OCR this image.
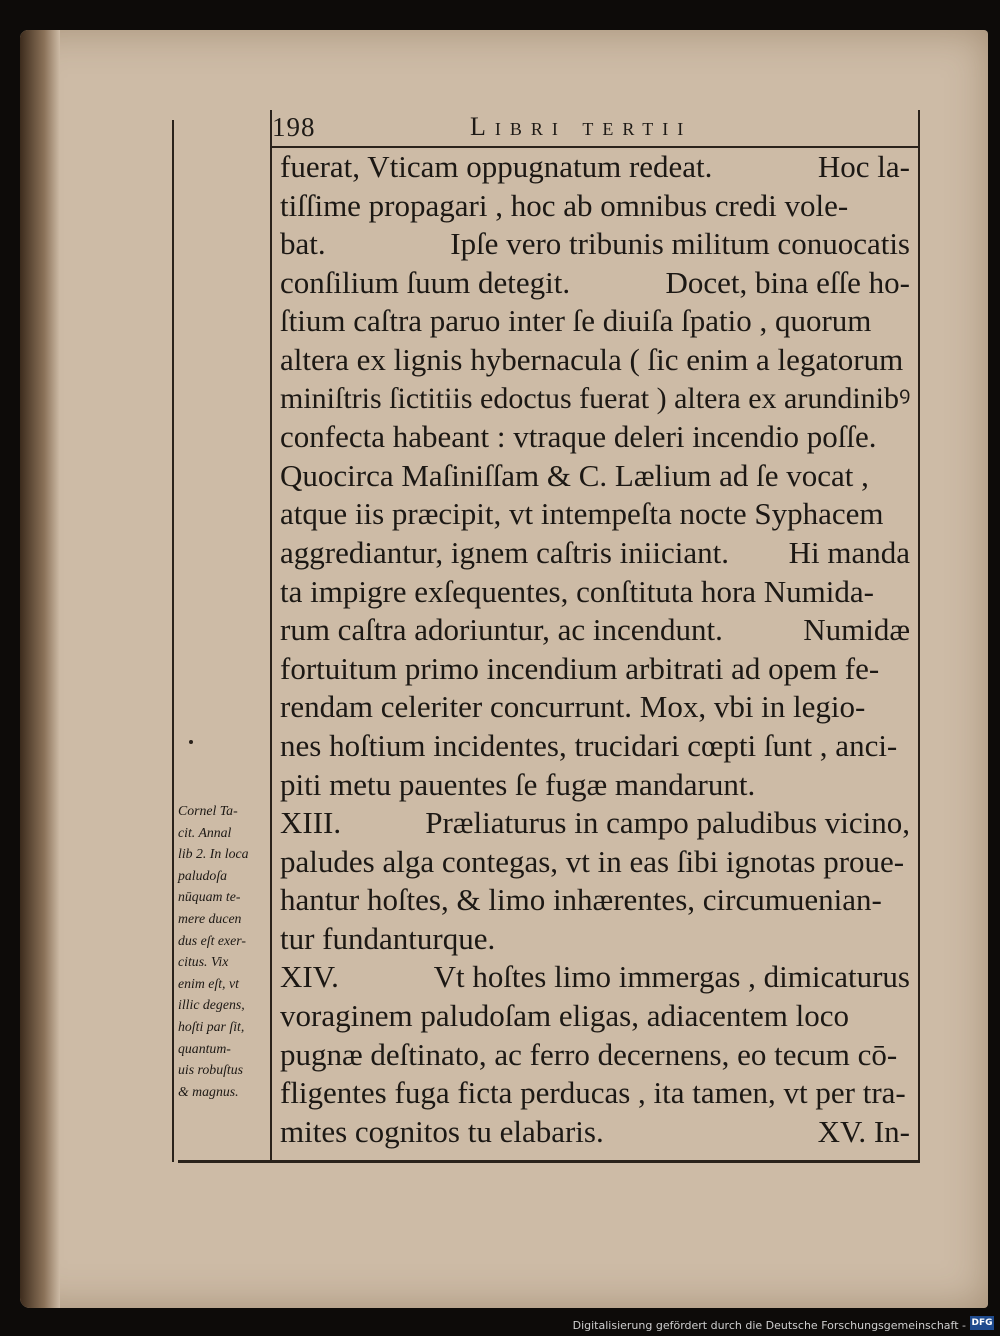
198	Libri tertii
fuerat, Vticam oppugnatum redeat.	Hoc la-
tiſſime propagari , hoc ab omnibus credi vole-
bat.	Ipſe vero tribunis militum conuocatis
conſilium ſuum detegit.	Docet, bina eſſe ho-
ſtium caſtra paruo inter ſe diuiſa ſpatio , quorum
altera ex lignis hybernacula ( ſic enim a legatorum
miniſtris ſictitiis edoctus fuerat ) altera ex arundinibꝰ
confecta habeant : vtraque deleri incendio poſſe.
Quocirca Maſiniſſam & C. Lælium ad ſe vocat ,
atque iis præcipit, vt intempeſta nocte Syphacem
aggrediantur, ignem caſtris iniiciant. Hi manda
ta impigre exſequentes, conſtituta hora Numida-
rum caſtra adoriuntur, ac incendunt.	Numidæ
fortuitum primo incendium arbitrati ad opem fe-
rendam celeriter concurrunt. Mox, vbi in legio-
nes hoſtium incidentes, trucidari cœpti ſunt , anci-
piti metu pauentes ſe fugæ mandarunt.
XIII.	Præliaturus in campo paludibus vicino,
paludes alga contegas, vt in eas ſibi ignotas proue-
hantur hoſtes, & limo inhærentes, circumuenian-
tur fundanturque.
XIV.	Vt hoſtes limo immergas , dimicaturus
voraginem paludoſam eligas, adiacentem loco
pugnæ deſtinato, ac ferro decernens, eo tecum cō-
fligentes fuga ficta perducas , ita tamen, vt per tra-
mites cognitos tu elabaris.	XV. In-
Cornel Ta-
cit. Annal
lib 2. In loca
paludoſa
nūquam te-
mere ducen
dus eſt exer-
citus. Vix
enim eſt, vt
illic degens,
hoſti par ſit,
quantum-
uis robuſtus
& magnus.
Digitalisierung gefördert durch die Deutsche Forschungsgemeinschaft - DFG
